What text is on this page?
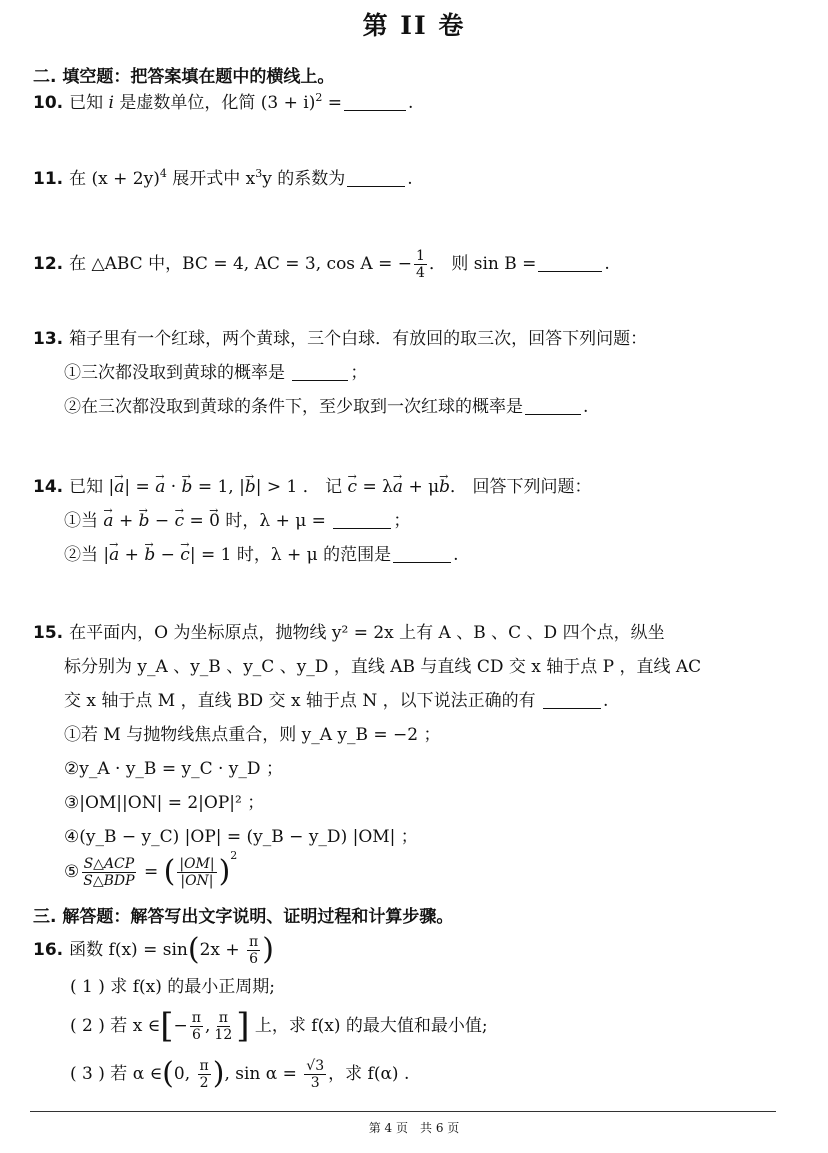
第 II 卷
二. 填空题：把答案填在题中的横线上。
10. 已知 i 是虚数单位，化简 $(3 + i)^2$ =	.
11. 在 $(x + 2y)^4$ 展开式中 $x^3y$ 的系数为	.
12. 在 △ABC 中，BC = 4, AC = 3, cos A = − $\frac{1}{4}$ ． 则 sin B =	.
13. 箱子里有一个红球，两个黄球，三个白球．有放回的取三次，回答下列问题：
①三次都没取到黄球的概率是	；
②在三次都没取到黄球的条件下，至少取到一次红球的概率是	.
14. 已知 |→ a| = → a · → b = 1, |→ b| > 1 ． 记 → c = λ→ a + μ→ b． 回答下列问题：
①当 → a + → b − → c = → 0 时，λ + μ =	；
②当 |→ a + → b − → c| = 1 时，λ + μ 的范围是	.
15. 在平面内，O 为坐标原点，抛物线 y² = 2x 上有 A 、B 、C 、D 四个点，纵坐
标分别为 y_A 、y_B 、y_C 、y_D ，直线 AB 与直线 CD 交 x 轴于点 P ，直线 AC
交 x 轴于点 M ，直线 BD 交 x 轴于点 N ，以下说法正确的有	.
①若 M 与抛物线焦点重合，则 y_A y_B = −2 ；
②y_A · y_B = y_C · y_D ；
③|OM||ON| = 2|OP|² ；
④(y_B − y_C) |OP| = (y_B − y_D) |OM| ；
⑤ $\frac{\text{S△ACP}}{\text{S△BDP}}$ = ( $\frac{|OM|}{|ON|} )^2$
三. 解答题：解答写出文字说明、证明过程和计算步骤。
16. 函数 $f(x) = \sin(2x + \frac{\pi}{6}$ )
( 1 ) 求 f(x) 的最小正周期;
( 2 ) 若 x ∈[− $\frac{\pi}{6}$ , $\frac{\pi}{12}$ ] 上，求 f(x) 的最大值和最小值;
( 3 ) 若 α ∈(0, $\frac{\pi}{2}$ ), $\sin \alpha = \frac{√3}{3}$ ，求 f(α) .
第 4 页　共 6 页
